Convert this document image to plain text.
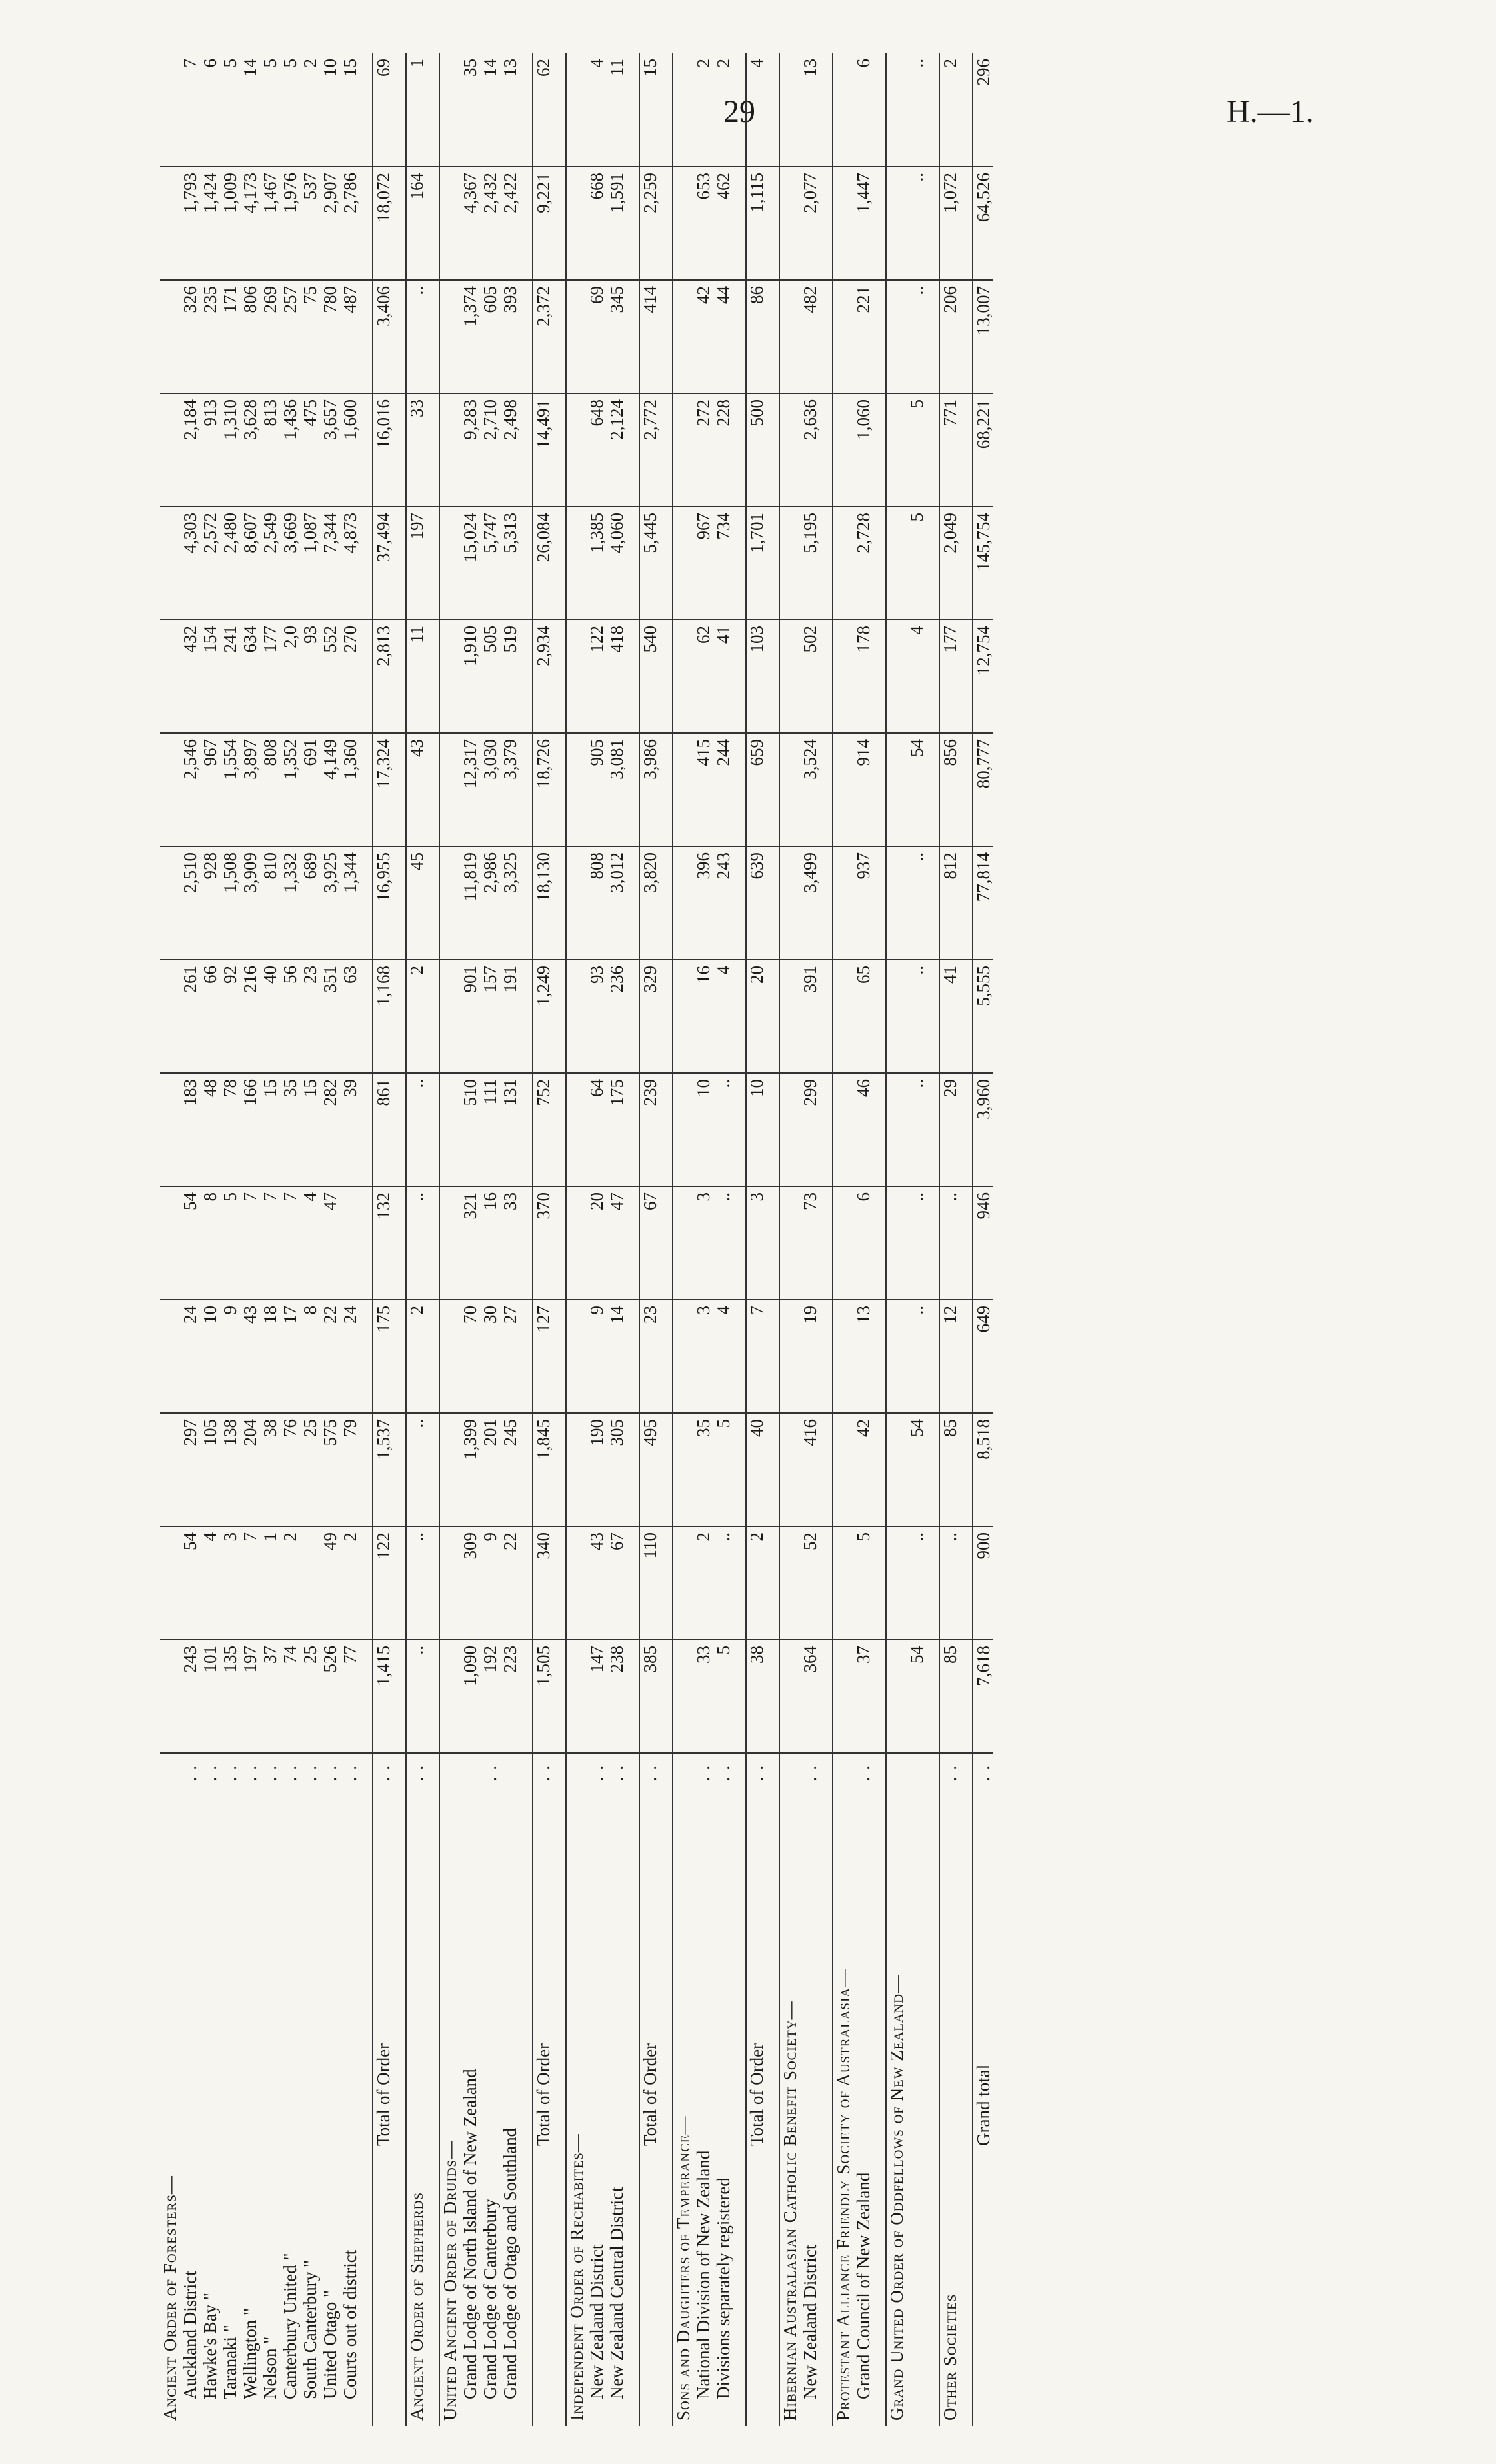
29	H.—1.
Ancient Order of Foresters—															
Auckland District
..	243	54	297	24	54	183	261	2,510	2,546	432	4,303	2,184	326	1,793	7
Hawke's Bay "
..	101	4	105	10	8	48	66	928	967	154	2,572	913	235	1,424	6
Taranaki "
..	135	3	138	9	5	78	92	1,508	1,554	241	2,480	1,310	171	1,009	5
Wellington "
..	197	7	204	43	7	166	216	3,909	3,897	634	8,607	3,628	806	4,173	14
Nelson "
..	37	1	38	18	7	15	40	810	808	177	2,549	813	269	1,467	5
Canterbury United "
..	74	2	76	17	7	35	56	1,332	1,352	2,0	3,669	1,436	257	1,976	5
South Canterbury "
..	25		25	8	4	15	23	689	691	93	1,087	475	75	537	2
United Otago "
..	526	49	575	22	47	282	351	3,925	4,149	552	7,344	3,657	780	2,907	10
Courts out of district
..	77	2	79	24		39	63	1,344	1,360	270	4,873	1,600	487	2,786	15

Total of Order
..	1,415	122	1,537	175	132	861	1,168	16,955	17,324	2,813	37,494	16,016	3,406	18,072	69

Ancient Order of Shepherds
..	..	..	..	2	..	..	2	45	43	11	197	33	..	164	1

United Ancient Order of Druids—															
Grand Lodge of North Island of New Zealand	1,090	309	1,399	70	321	510	901	11,819	12,317	1,910	15,024	9,283	1,374	4,367	35
Grand Lodge of Canterbury
..	192	9	201	30	16	111	157	2,986	3,030	505	5,747	2,710	605	2,432	14
Grand Lodge of Otago and Southland	223	22	245	27	33	131	191	3,325	3,379	519	5,313	2,498	393	2,422	13

Total of Order
..	1,505	340	1,845	127	370	752	1,249	18,130	18,726	2,934	26,084	14,491	2,372	9,221	62

Independent Order of Rechabites—															
New Zealand District
..	147	43	190	9	20	64	93	808	905	122	1,385	648	69	668	4
New Zealand Central District
..	238	67	305	14	47	175	236	3,012	3,081	418	4,060	2,124	345	1,591	11

Total of Order
..	385	110	495	23	67	239	329	3,820	3,986	540	5,445	2,772	414	2,259	15

Sons and Daughters of Temperance—															
National Division of New Zealand
..	33	2	35	3	3	10	16	396	415	62	967	272	42	653	2
Divisions separately registered
..	5	..	5	4	..	..	4	243	244	41	734	228	44	462	2

Total of Order
..	38	2	40	7	3	10	20	639	659	103	1,701	500	86	1,115	4

Hibernian Australasian Catholic Benefit Society—															
New Zealand District
..	364	52	416	19	73	299	391	3,499	3,524	502	5,195	2,636	482	2,077	13

Protestant Alliance Friendly Society of Australasia—															
Grand Council of New Zealand
..	37	5	42	13	6	46	65	937	914	178	2,728	1,060	221	1,447	6

Grand United Order of Oddfellows of New Zealand—															
	54	..	54	..	..	..	..	..	54	4	5	5	..	..	..

Other Societies
..	85	..	85	12	..	29	41	812	856	177	2,049	771	206	1,072	2

Grand total
..	7,618	900	8,518	649	946	3,960	5,555	77,814	80,777	12,754	145,754	68,221	13,007	64,526	296
